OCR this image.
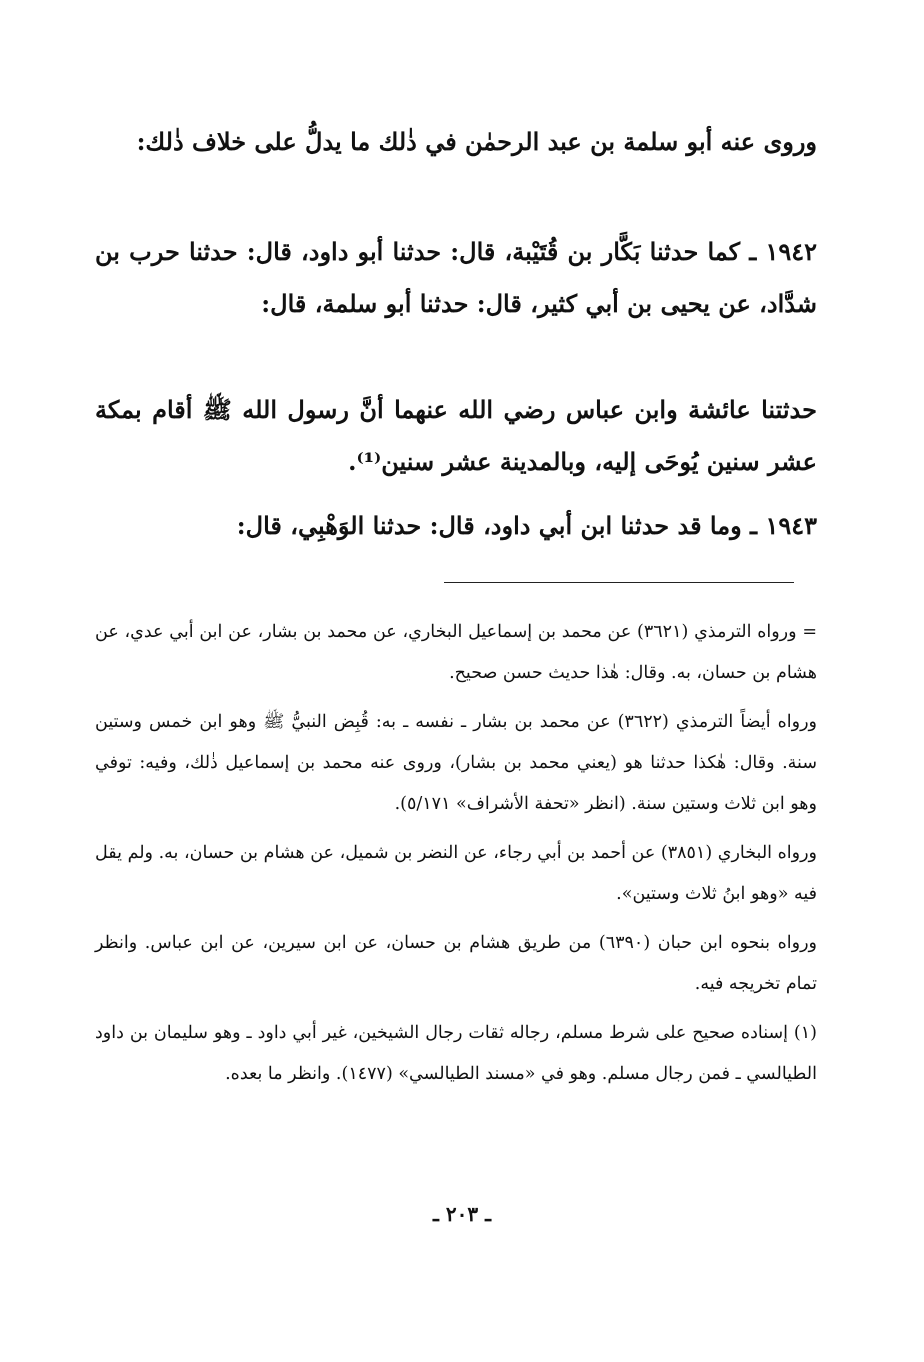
وروى عنه أبو سلمة بن عبد الرحمٰن في ذٰلك ما يدلُّ على خلاف ذٰلك:

١٩٤٢ ـ كما حدثنا بَكَّار بن قُتَيْبة، قال: حدثنا أبو داود، قال: حدثنا حرب بن شدَّاد، عن يحيى بن أبي كثير، قال: حدثنا أبو سلمة، قال:

حدثتنا عائشة وابن عباس رضي الله عنهما أنَّ رسول الله ﷺ أقام بمكة عشر سنين يُوحَى إليه، وبالمدينة عشر سنين⁽¹⁾.

١٩٤٣ ـ وما قد حدثنا ابن أبي داود، قال: حدثنا الوَهْبِي، قال:

= ورواه الترمذي (٣٦٢١) عن محمد بن إسماعيل البخاري، عن محمد بن بشار، عن ابن أبي عدي، عن هشام بن حسان، به. وقال: هٰذا حديث حسن صحيح.

ورواه أيضاً الترمذي (٣٦٢٢) عن محمد بن بشار ـ نفسه ـ به: قُبِض النبيُّ ﷺ وهو ابن خمس وستين سنة. وقال: هٰكذا حدثنا هو (يعني محمد بن بشار)، وروى عنه محمد بن إسماعيل ذٰلك، وفيه: توفي وهو ابن ثلاث وستين سنة. (انظر «تحفة الأشراف» ٥/١٧١).

ورواه البخاري (٣٨٥١) عن أحمد بن أبي رجاء، عن النضر بن شميل، عن هشام بن حسان، به. ولم يقل فيه «وهو ابنُ ثلاث وستين».

ورواه بنحوه ابن حبان (٦٣٩٠) من طريق هشام بن حسان، عن ابن سيرين، عن ابن عباس. وانظر تمام تخريجه فيه.

(١) إسناده صحيح على شرط مسلم، رجاله ثقات رجال الشيخين، غير أبي داود ـ وهو سليمان بن داود الطيالسي ـ فمن رجال مسلم. وهو في «مسند الطيالسي» (١٤٧٧). وانظر ما بعده.

ـ ٢٠٣ ـ
